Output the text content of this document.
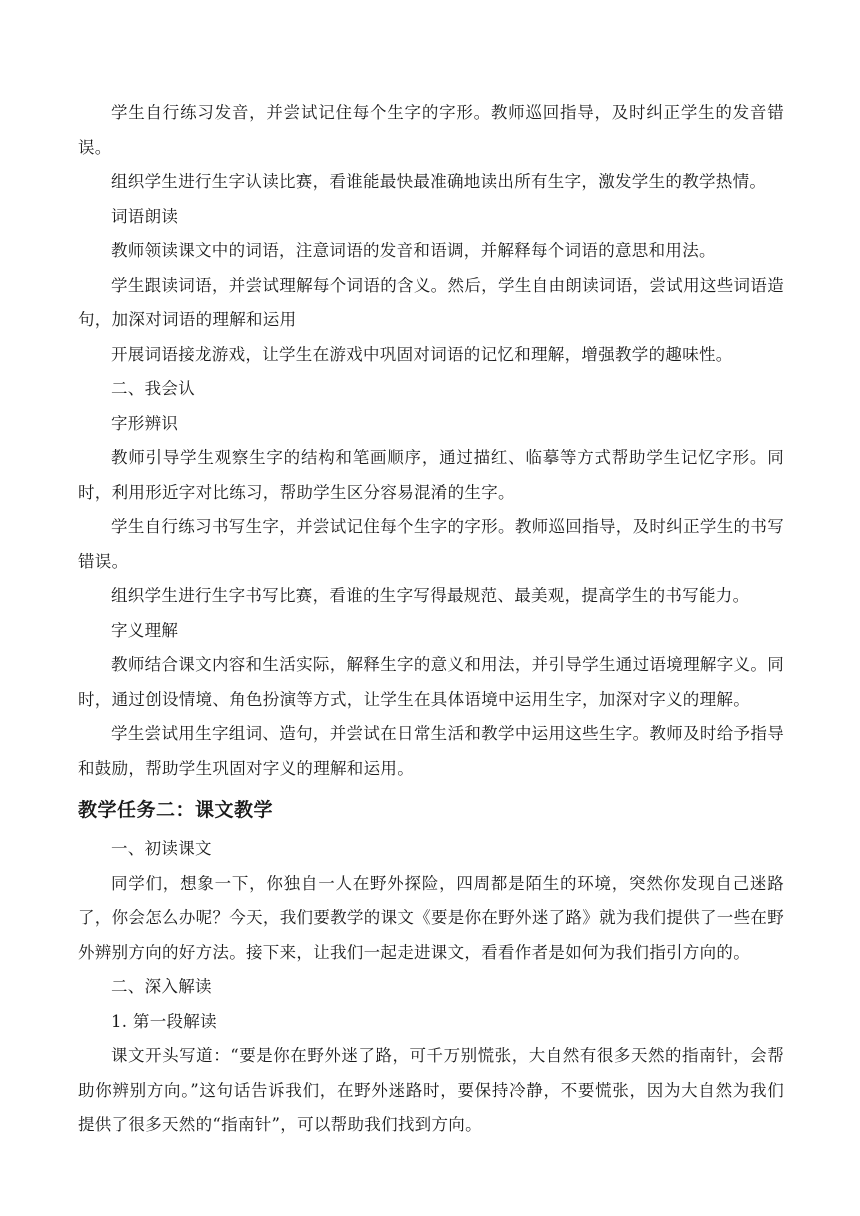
学生自行练习发音，并尝试记住每个生字的字形。教师巡回指导，及时纠正学生的发音错误。

组织学生进行生字认读比赛，看谁能最快最准确地读出所有生字，激发学生的教学热情。

词语朗读

教师领读课文中的词语，注意词语的发音和语调，并解释每个词语的意思和用法。

学生跟读词语，并尝试理解每个词语的含义。然后，学生自由朗读词语，尝试用这些词语造句，加深对词语的理解和运用

开展词语接龙游戏，让学生在游戏中巩固对词语的记忆和理解，增强教学的趣味性。

二、我会认

字形辨识

教师引导学生观察生字的结构和笔画顺序，通过描红、临摹等方式帮助学生记忆字形。同时，利用形近字对比练习，帮助学生区分容易混淆的生字。

学生自行练习书写生字，并尝试记住每个生字的字形。教师巡回指导，及时纠正学生的书写错误。

组织学生进行生字书写比赛，看谁的生字写得最规范、最美观，提高学生的书写能力。

字义理解

教师结合课文内容和生活实际，解释生字的意义和用法，并引导学生通过语境理解字义。同时，通过创设情境、角色扮演等方式，让学生在具体语境中运用生字，加深对字义的理解。

学生尝试用生字组词、造句，并尝试在日常生活和教学中运用这些生字。教师及时给予指导和鼓励，帮助学生巩固对字义的理解和运用。

教学任务二：课文教学

一、初读课文

同学们，想象一下，你独自一人在野外探险，四周都是陌生的环境，突然你发现自己迷路了，你会怎么办呢？今天，我们要教学的课文《要是你在野外迷了路》就为我们提供了一些在野外辨别方向的好方法。接下来，让我们一起走进课文，看看作者是如何为我们指引方向的。

二、深入解读

1. 第一段解读

课文开头写道：“要是你在野外迷了路，可千万别慌张，大自然有很多天然的指南针，会帮助你辨别方向。”这句话告诉我们，在野外迷路时，要保持冷静，不要慌张，因为大自然为我们提供了很多天然的“指南针”，可以帮助我们找到方向。
